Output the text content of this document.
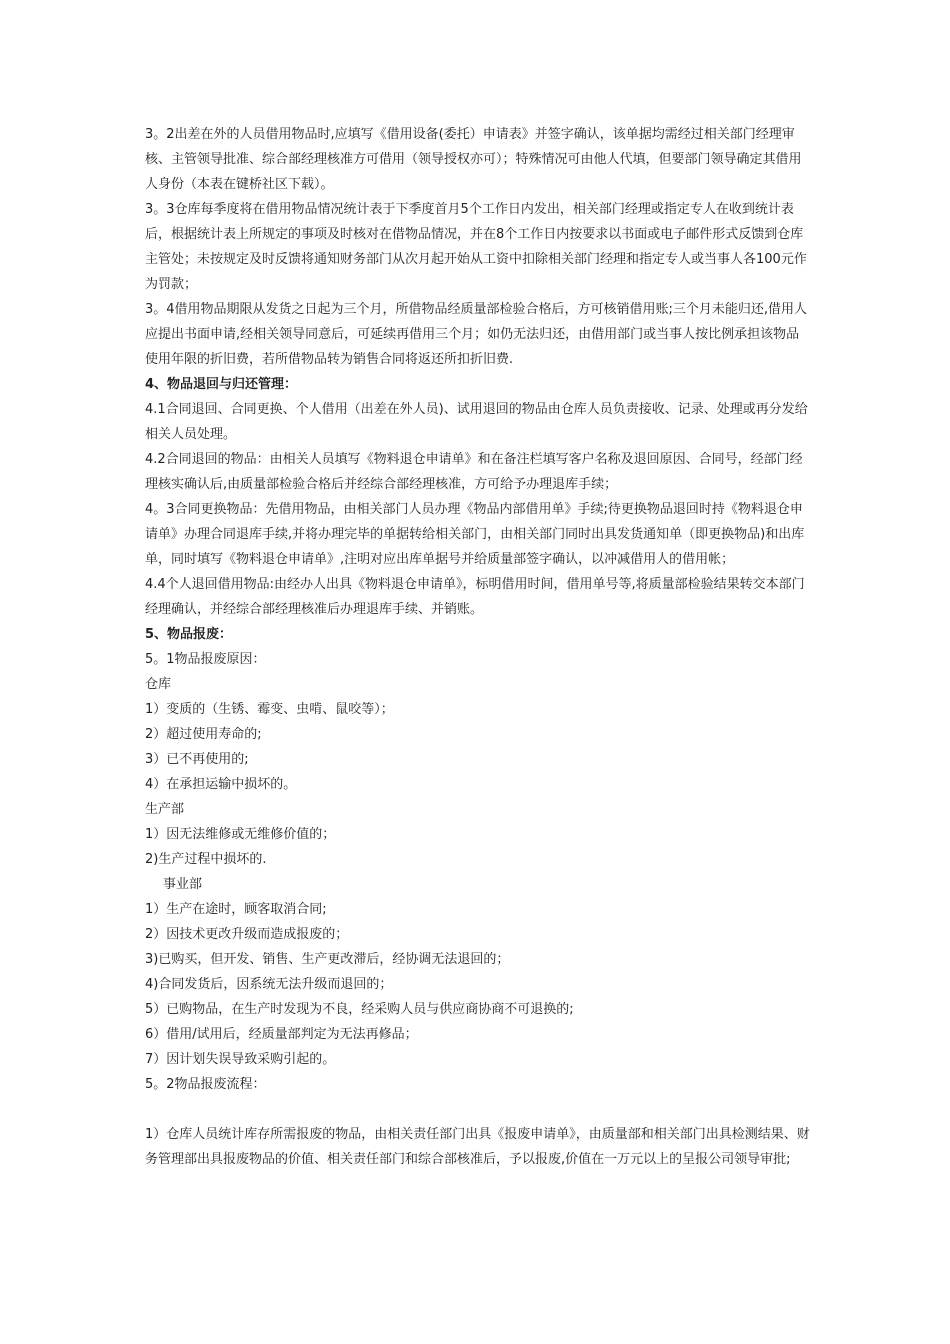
3。2出差在外的人员借用物品时,应填写《借用设备(委托）申请表》并签字确认，该单据均需经过相关部门经理审核、主管领导批准、综合部经理核准方可借用（领导授权亦可）；特殊情况可由他人代填，但要部门领导确定其借用人身份（本表在键桥社区下载）。

3。3仓库每季度将在借用物品情况统计表于下季度首月5个工作日内发出，相关部门经理或指定专人在收到统计表后，根据统计表上所规定的事项及时核对在借物品情况，并在8个工作日内按要求以书面或电子邮件形式反馈到仓库主管处；未按规定及时反馈将通知财务部门从次月起开始从工资中扣除相关部门经理和指定专人或当事人各100元作为罚款；

3。4借用物品期限从发货之日起为三个月，所借物品经质量部检验合格后，方可核销借用账;三个月未能归还,借用人应提出书面申请,经相关领导同意后，可延续再借用三个月；如仍无法归还，由借用部门或当事人按比例承担该物品使用年限的折旧费，若所借物品转为销售合同将返还所扣折旧费.

4、物品退回与归还管理：

4.1合同退回、合同更换、个人借用（出差在外人员)、试用退回的物品由仓库人员负责接收、记录、处理或再分发给相关人员处理。

4.2合同退回的物品：由相关人员填写《物料退仓申请单》和在备注栏填写客户名称及退回原因、合同号，经部门经理核实确认后,由质量部检验合格后并经综合部经理核准，方可给予办理退库手续；

4。3合同更换物品：先借用物品，由相关部门人员办理《物品内部借用单》手续;待更换物品退回时持《物料退仓申请单》办理合同退库手续,并将办理完毕的单据转给相关部门，由相关部门同时出具发货通知单（即更换物品)和出库单，同时填写《物料退仓申请单》,注明对应出库单据号并给质量部签字确认，以冲减借用人的借用帐；

4.4个人退回借用物品:由经办人出具《物料退仓申请单》，标明借用时间，借用单号等,将质量部检验结果转交本部门经理确认，并经综合部经理核准后办理退库手续、并销账。

5、物品报废：

5。1物品报废原因：

仓库

1）变质的（生锈、霉变、虫啃、鼠咬等）；

2）超过使用寿命的;

3）已不再使用的;

4）在承担运输中损坏的。

生产部

1）因无法维修或无维修价值的；

2)生产过程中损坏的.

事业部

1）生产在途时，顾客取消合同;

2）因技术更改升级而造成报废的；

3)已购买，但开发、销售、生产更改滞后，经协调无法退回的；

4)合同发货后，因系统无法升级而退回的；

5）已购物品，在生产时发现为不良，经采购人员与供应商协商不可退换的;

6）借用/试用后，经质量部判定为无法再修品；

7）因计划失误导致采购引起的。

5。2物品报废流程：

1）仓库人员统计库存所需报废的物品，由相关责任部门出具《报废申请单》，由质量部和相关部门出具检测结果、财务管理部出具报废物品的价值、相关责任部门和综合部核准后，予以报废,价值在一万元以上的呈报公司领导审批;
